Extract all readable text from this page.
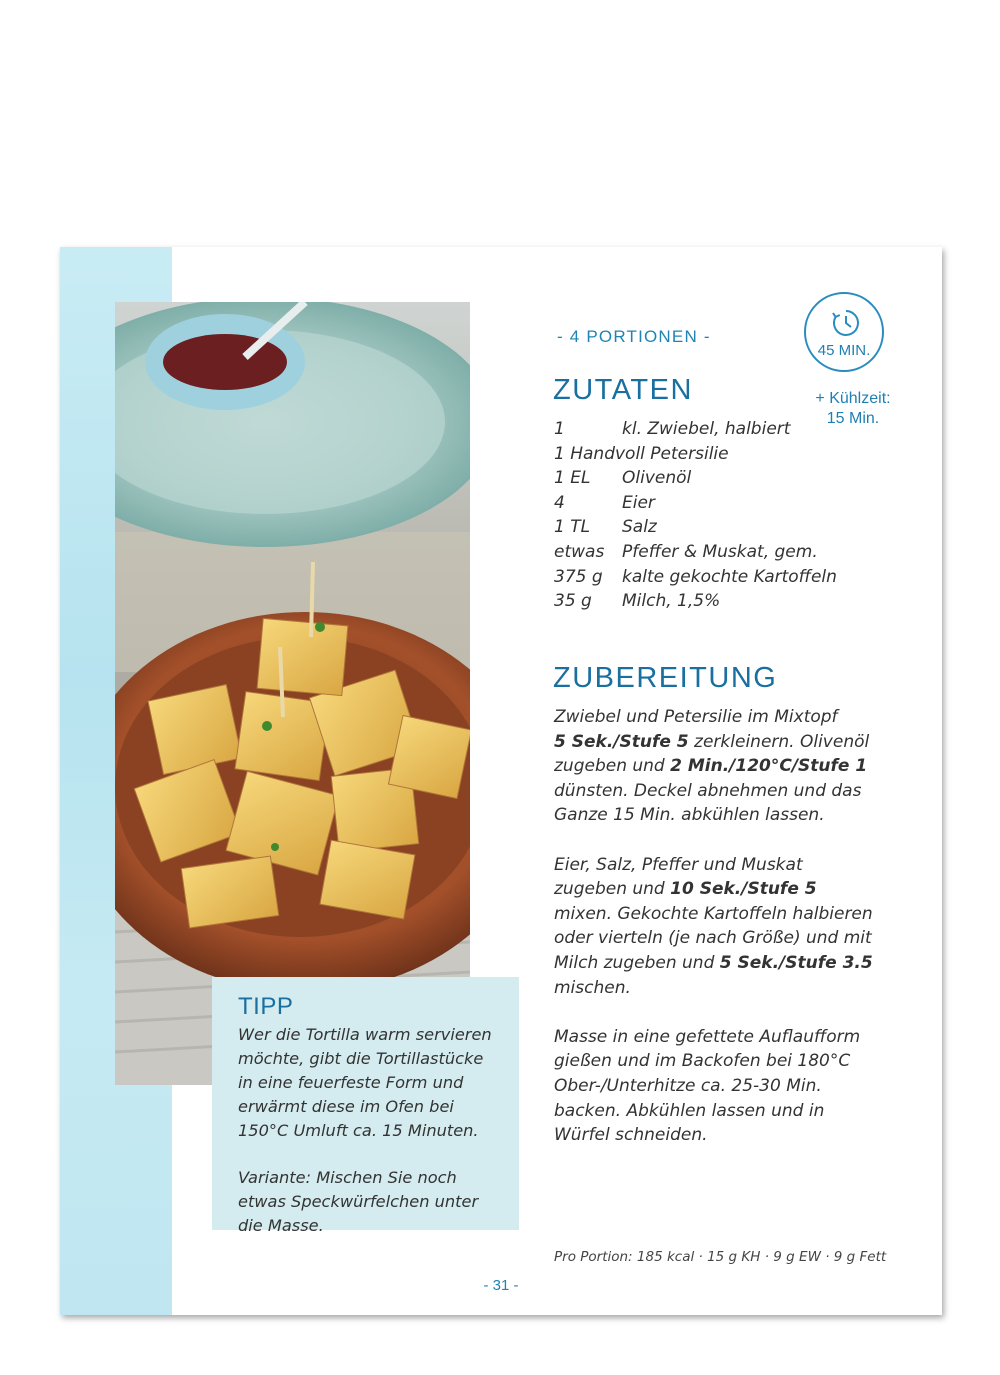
TIPP

Wer die Tortilla warm servieren möchte, gibt die Tortillastücke in eine feuerfeste Form und erwärmt diese im Ofen bei 150°C Umluft ca. 15 Minuten.

Variante: Mischen Sie noch etwas Speckwürfelchen unter die Masse.

- 4 PORTIONEN -
45 MIN.
+ Kühlzeit:
15 Min.
ZUTATEN
1	kl. Zwiebel, halbiert
1 Handvoll Petersilie
1 EL Olivenöl
4	Eier
1 TL Salz
etwas Pfeffer & Muskat, gem.
375 g kalte gekochte Kartoffeln
35 g Milch, 1,5%
ZUBEREITUNG

Zwiebel und Petersilie im Mixtopf
5 Sek./Stufe 5 zerkleinern. Olivenöl zugeben und 2 Min./120°C/Stufe 1 dünsten. Deckel abnehmen und das Ganze 15 Min. abkühlen lassen.

Eier, Salz, Pfeffer und Muskat zugeben und 10 Sek./Stufe 5 mixen. Gekochte Kartoffeln halbieren oder vierteln (je nach Größe) und mit Milch zugeben und 5 Sek./Stufe 3.5 mischen.

Masse in eine gefettete Auflaufform gießen und im Backofen bei 180°C Ober-/Unterhitze ca. 25-30 Min. backen. Abkühlen lassen und in Würfel schneiden.

Pro Portion: 185 kcal · 15 g KH · 9 g EW · 9 g Fett
- 31 -
